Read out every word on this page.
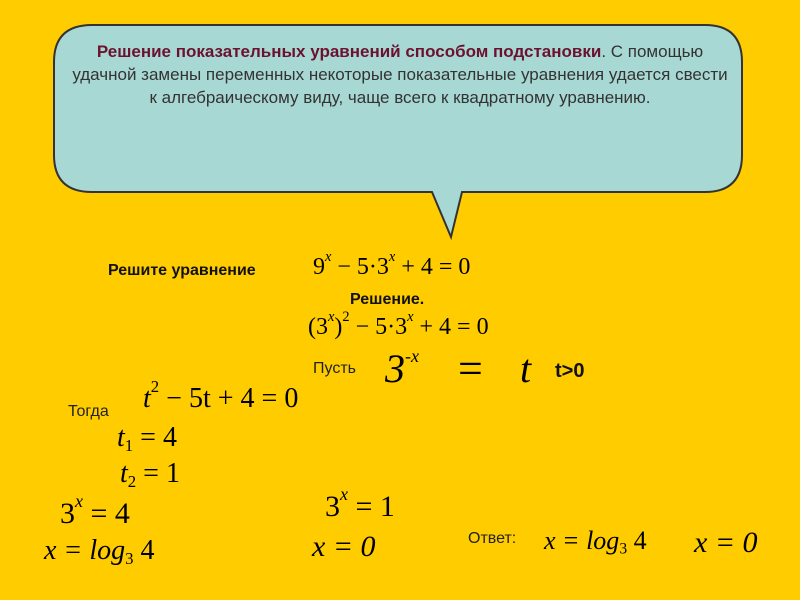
Решение показательных уравнений способом подстановки. С помощью удачной замены переменных некоторые показательные уравнения удается свести к алгебраическому виду, чаще всего к квадратному уравнению.
Решите уравнение $9^x - 5\cdot 3^x + 4 = 0$
Решение.
$(3^x)^2 - 5\cdot 3^x + 4 = 0$
Пусть $3^{-x} = t$ t>0
Тогда $t^2 - 5t + 4 = 0$
$t_1 = 4$
$t_2 = 1$
$3^x = 4$
$x = \log_3 4$
$3^x = 1$
x = 0	Ответ: $x = \log_3 4$ x = 0
